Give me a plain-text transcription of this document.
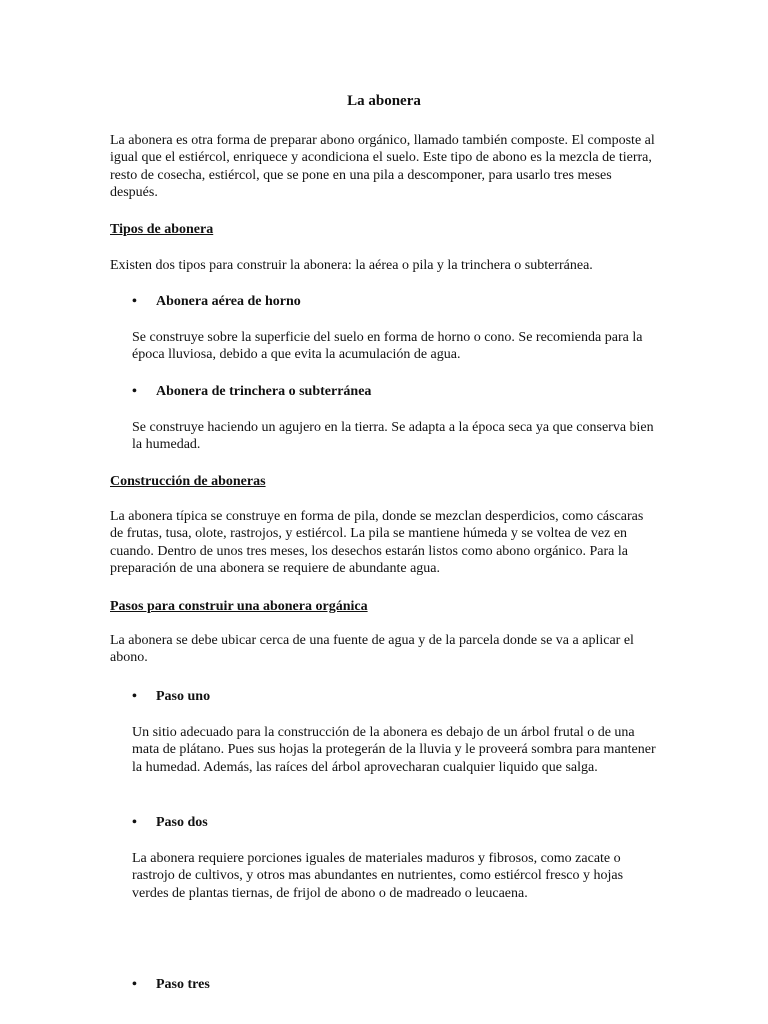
La abonera

La abonera es otra forma de preparar abono orgánico, llamado también composte. El composte al igual que el estiércol, enriquece y acondiciona el suelo. Este tipo de abono es la mezcla de tierra, resto de cosecha, estiércol, que se pone en una pila a descomponer, para usarlo tres meses después.

Tipos de abonera

Existen dos tipos para construir la abonera: la aérea o pila y la trinchera o subterránea.

• Abonera aérea de horno

Se construye sobre la superficie del suelo en forma de horno o cono. Se recomienda para la época lluviosa, debido a que evita la acumulación de agua.

• Abonera de trinchera o subterránea

Se construye haciendo un agujero en la tierra. Se adapta a la época seca ya que conserva bien la humedad.

Construcción de aboneras

La abonera típica se construye en forma de pila, donde se mezclan desperdicios, como cáscaras de frutas, tusa, olote, rastrojos, y estiércol. La pila se mantiene húmeda y se voltea de vez en cuando. Dentro de unos tres meses, los desechos estarán listos como abono orgánico. Para la preparación de una abonera se requiere de abundante agua.

Pasos para construir una abonera orgánica

La abonera se debe ubicar cerca de una fuente de agua y de la parcela donde se va a aplicar el abono.

• Paso uno

Un sitio adecuado para la construcción de la abonera es debajo de un árbol frutal o de una mata de plátano. Pues sus hojas la protegerán de la lluvia y le proveerá sombra para mantener la humedad. Además, las raíces del árbol aprovecharan cualquier liquido que salga.

• Paso dos

La abonera requiere porciones iguales de materiales maduros y fibrosos, como zacate o rastrojo de cultivos, y otros mas abundantes en nutrientes, como estiércol fresco y hojas verdes de plantas tiernas, de frijol de abono o de madreado o leucaena.

• Paso tres
